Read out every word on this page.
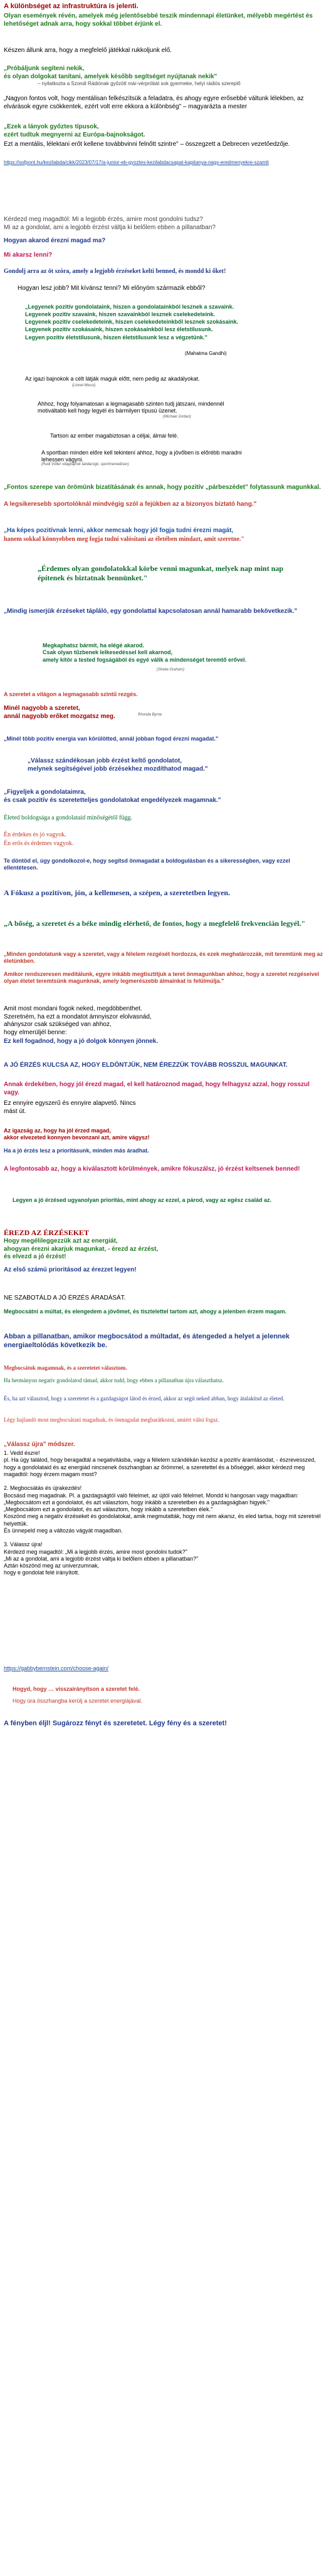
A különbséget az infrastruktúra is jelenti.
Olyan események révén, amelyek még jelentősebbé teszik mindennapi életünket, mélyebb megértést és lehetőséget adnak arra, hogy sokkal többet érjünk el.
Készen állunk arra, hogy a megfelelő játékkal rukkoljunk elő.
„Próbáljunk segíteni nekik,
és olyan dolgokat tanítani, amelyek később segítséget nyújtanak nekik"
– nyilatkozta a Szondi Rádiónak győzött már-vérpróbát sok gyermeke, helyi rádiós szereplő
„Nagyon fontos volt, hogy mentálisan felkészítsük a feladatra, és ahogy egyre erősebbé váltunk lélekben, az elvárások egyre csökkentek, ezért volt erre ekkora a különbség" – magyarázta a mester
„Ezek a lányok győztes típusok,
ezért tudtuk megnyerni az Európa-bajnokságot.
Ezt a mentális, lélektani erőt kellene továbbvinni felnőtt szintre" – összegzett a Debrecen vezetőedzője.
https://sofpont.hu/kezilabda/cikk/2023/07/17/a-junior-eb-gyoztes-kezilabdacsapat-kapitanya-nagy-eredmenyekre-szamit
Kérdezd meg magadtól: Mi a legjobb érzés, amire most gondolni tudsz?
Mi az a gondolat, ami a legjobb érzést váltja ki belőlem ebben a pillanatban?
Hogyan akarod érezni magad ma?
Mi akarsz lenni?
Gondolj arra az öt szóra, amely a legjobb érzéseket kelti benned, és mondd ki őket!
Hogyan lesz jobb? Mit kívánsz tenni? Mi előnyöm származik ebből?
„Legyenek pozitív gondolataink, hiszen a gondolatainkból lesznek a szavaink.
Legyenek pozitív szavaink, hiszen szavainkból lesznek cselekedeteink.
Legyenek pozitív cselekedeteink, hiszen cselekedeteinkből lesznek szokásaink.
Legyenek pozitív szokásaink, hiszen szokásainkból lesz életstílusunk.
Legyen pozitív életstílusunk, hiszen életstílusunk lesz a végzetünk."
(Mahatma Gandhi)
Az igazi bajnokok a célt látják maguk előtt, nem pedig az akadályokat.
(Lionel Messi)
Ahhoz, hogy folyamatosan a legmagasabb szinten tudj játszani, mindennél motiváltabb kell hogy legyél és bármilyen típusú üzenet.
(Michael Jordan)
Tartson az ember magabiztosan a céljai, álmai felé.
A sportban minden előre kell tekintení ahhoz, hogy a jövőben is előrébb maradni lehessen vágyni.
(Rudi Völler világbajnok labdarúgó, sportmenedzser)
„Fontos szerepe van örömünk bizatításának és annak, hogy pozitív „párbeszédet" folytassunk magunkkal.
A legsikeresebb sportolóknál mindvégig szól a fejükben az a bizonyos biztató hang."
„Ha képes pozitívnak lenni, akkor nemcsak hogy jól fogja tudni érezni magát,
hanem sokkal könnyebben meg fogja tudni valósítani az életében mindazt, amit szeretne."
„Érdemes olyan gondolatokkal körbe venni magunkat, melyek nap mint nap építenek és biztatnak bennünket."
„Mindig ismerjük érzéseket tápláló, egy gondolattal kapcsolatosan annál hamarabb bekövetkezik."
Megkaphatsz bármit, ha elégé akarod.
Csak olyan tűzbenek lelkesedéssel kell akarnod,
amely kitör a tested fogságából és egyé válik a mindenséget teremtő erővel.
(Sheila Graham)
A szeretet a világon a legmagasabb szintű rezgés.
Minél nagyobb a szeretet,
annál nagyobb erőket mozgatsz meg.	Rhonda Byrne
„Minél több pozitív energia van körülötted, annál jobban fogod érezni magadat."
„Válassz szándékosan jobb érzést keltő gondolatot,
melynek segítségével jobb érzésekhez mozdíthatod magad."
„Figyeljek a gondolataimra,
és csak pozitív és szeretetteljes gondolatokat engedélyezek magamnak."
Életed boldogsága a gondolataid minőségétől függ.
Én érdekes és jó vagyok.
Én erős és érdemes vagyok.
Te döntöd el, úgy gondolkozol-e, hogy segítsd önmagadat a boldogulásban és a sikerességben, vagy ezzel ellentétesen.
A Fókusz a pozitívon, jón, a kellemesen, a szépen, a szeretetben legyen.
„A bőség, a szeretet és a béke mindig elérhető, de fontos, hogy a megfelelő frekvencián legyél."
„Minden gondolatunk vagy a szeretet, vagy a félelem rezgését hordozza, és ezek meghatározzák, mit teremtünk meg az életünkben.
Amikor rendszeresen meditálunk, egyre inkább megtisztítjuk a teret önmagunkban ahhoz, hogy a szeretet rezgéseivel olyan életet teremtsünk magunknak, amely legmerészebb álmainkat is felülmúlja."
Amit most mondani fogok neked, megdöbbenthet.
Szeretném, ha ezt a mondatot ámnyiszor elolvasnád,
ahányszor csak szükséged van ahhoz,
hogy elmerüljél benne:
Ez kell fogadnod, hogy a jó dolgok könnyen jönnek.
A JÓ ÉRZÉS KULCSA AZ, HOGY ELDÖNTJÜK, NEM ÉREZZÜK TOVÁBB ROSSZUL MAGUNKAT.
Annak érdekében, hogy jól érezd magad, el kell határoznod magad, hogy felhagysz azzal, hogy rosszul vagy.
Ez ennyire egyszerű és ennyire alapvető. Nincs mást út.
Az igazság az, hogy ha jól érzed magad,
akkor elvezeted konnyen bevonzani azt, amire vágysz!
Ha a jó érzés lesz a prioritásunk, minden más áradhat.
A legfontosabb az, hogy a kiválasztott körülmények, amikre fókuszálsz, jó érzést keltsenek benned!
Legyen a jó érzésed ugyanolyan prioritás, mint ahogy az ezzel, a párod, vagy az egész család az.
ÉREZD AZ ÉRZÉSEKET
Hogy megélileggezzük azt az energiát,
ahogyan érezni akarjuk magunkat, - érezd az érzést,
és elvezd a jó érzést!
Az első számú prioritásod az érezzet legyen!
NE SZABOTÁLD A JÓ ÉRZÉS ÁRADÁSÁT.
Megbocsátni a múltat, és elengedem a jövőmet, és tisztelettel tartom azt, ahogy a jelenben érzem magam.
Abban a pillanatban, amikor megbocsátod a múltadat, és átengeded a helyet a jelennek energiaeltolódás következik be.
Megbocsátok magamnak, és a szeretetet választom.
Ha hermányon negatív gondolatod támad, akkor tudd, hogy ebben a pillanatban újra választhatsz.
És, ha azt választod, hogy a szeretetet és a gazdagságot látod és érzed, akkor az segít neked abban, hogy átalakítsd az életed.
Légy hajlandó most megbocsátani magadnak, és önmagadat megbarátkozni, amiért válni fogsz.
„Válassz újra" módszer.
1. Vedd észre!
pl. Ha úgy találod, hogy beragadtál a negativitásba, vagy a félelem szándékán kezdsz a pozitív áramlásodat, - észrevesszed, hogy a gondolataid és az energiád nincsenek összhangban az őrömmel, a szeretettel és a bőséggel, akkor kérdezd meg magadtól: hogy érzem magam most?

2. Megbocsátás és újrakezdés!
Bocsásd meg magadnak. Pl. a gazdagságtól való félelmet, az újtól való félelmet. Mondd ki hangosan vagy magadban: „Megbocsátom ezt a gondolatot, és azt választom, hogy inkább a szeretetben és a gazdagságban higyek."
„Megbocsátom ezt a gondolatot, és azt választom, hogy inkább a szeretetben élek."
Koszönd meg a negatív érzéseket és gondolatokat, amik megmutatták, hogy mit nem akarsz, és eled tartsa, hogy mit szeretnél helyettük.
És ünnepeld meg a változás vágyát magadban.

3. Válassz újra!
Kérdezd meg magadtól: „Mi a legjobb érzés, amire most gondolni tudok?"
„Mi az a gondolat, ami a legjobb érzést váltja ki belőlem ebben a pillanatban?"
Aztán köszönd meg az univerzumnak,
hogy e gondolat felé irányított.
https://gabbybernstein.com/choose-again/
Hogyd, hogy … visszairányítson a szeretet felé.
Hogy úra összhangba kerülj a szeretet energiájával.
A fényben éljl! Sugározz fényt és szeretetet. Légy fény és a szeretet!
